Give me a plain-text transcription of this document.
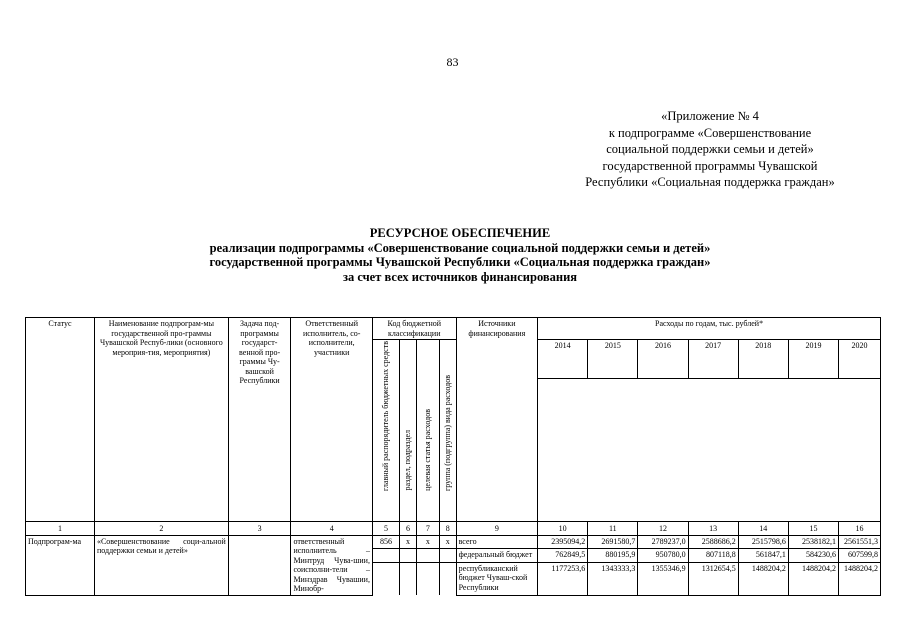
83
«Приложение № 4
к подпрограмме «Совершенствование
социальной поддержки семьи и детей»
государственной программы Чувашской
Республики «Социальная поддержка граждан»
РЕСУРСНОЕ ОБЕСПЕЧЕНИЕ
реализации подпрограммы «Совершенствование социальной поддержки семьи и детей»
государственной программы Чувашской Республики «Социальная поддержка граждан»
за счет всех источников финансирования
Статус	Наименование подпрограм-мы государственной про-граммы Чувашской Респуб-лики (основного мероприя-тия, мероприятия)	Задача под-программы государст-венной про-граммы Чу-вашской Республики	Ответственный исполнитель, со-исполнители, участники	Код бюджетной классификации				Источники финансирования	Расходы по годам, тыс. рублей*						

				главный распорядитель бюджетных средств	раздел, подраздел	целевая статья расходов	группа (подгруппа) вида расходов		2014	2015	2016	2017	2018	2019	2020

1	2	3	4	5	6	7	8	9	10	11	12	13	14	15	16
Подпрограм-ма	«Совершенствование соци-альной поддержки семьи и детей»		ответственный исполнитель – Минтруд Чува-шии, соисполни-тели – Минздрав Чувашии, Минобр-	856	x	x	x	всего	2395094,2	2691580,7	2789237,0	2588686,2	2515798,6	2538182,1	2561551,3
								федеральный бюджет	762849,5	880195,9	950780,0	807118,8	561847,1	584230,6	607599,8
								республиканский бюджет Чуваш-ской Республики	1177253,6	1343333,3	1355346,9	1312654,5	1488204,2	1488204,2	1488204,2
